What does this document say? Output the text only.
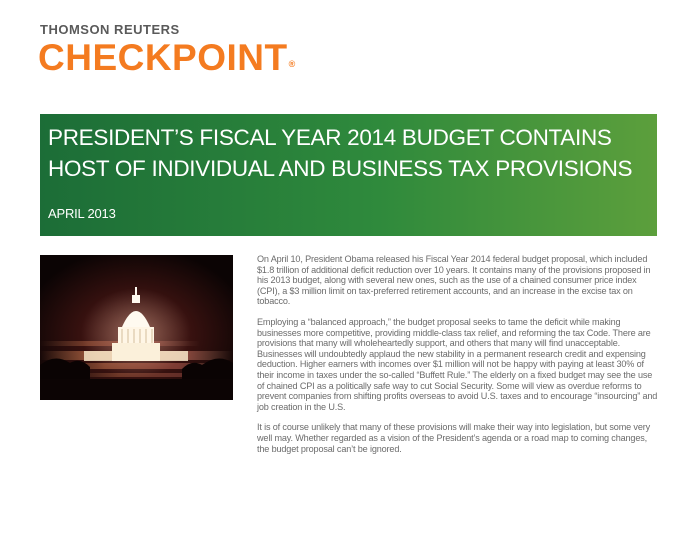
THOMSON REUTERS
CHECKPOINT®
PRESIDENT’S FISCAL YEAR 2014 BUDGET CONTAINS
HOST OF INDIVIDUAL AND BUSINESS TAX PROVISIONS
APRIL 2013

On April 10, President Obama released his Fiscal Year 2014 federal budget proposal, which included $1.8 trillion of additional deficit reduction over 10 years. It contains many of the provisions proposed in his 2013 budget, along with several new ones, such as the use of a chained consumer price index (CPI), a $3 million limit on tax-preferred retirement accounts, and an increase in the excise tax on tobacco.

Employing a “balanced approach,” the budget proposal seeks to tame the deficit while making businesses more competitive, providing middle-class tax relief, and reforming the tax Code. There are provisions that many will wholeheartedly support, and others that many will find unacceptable. Businesses will undoubtedly applaud the new stability in a permanent research credit and expensing deduction. Higher earners with incomes over $1 million will not be happy with paying at least 30% of their income in taxes under the so-called “Buffett Rule.” The elderly on a fixed budget may see the use of chained CPI as a politically safe way to cut Social Security. Some will view as overdue reforms to prevent companies from shifting profits overseas to avoid U.S. taxes and to encourage “insourcing” and job creation in the U.S.

It is of course unlikely that many of these provisions will make their way into legislation, but some very well may. Whether regarded as a vision of the President’s agenda or a road map to coming changes, the budget proposal can’t be ignored.
